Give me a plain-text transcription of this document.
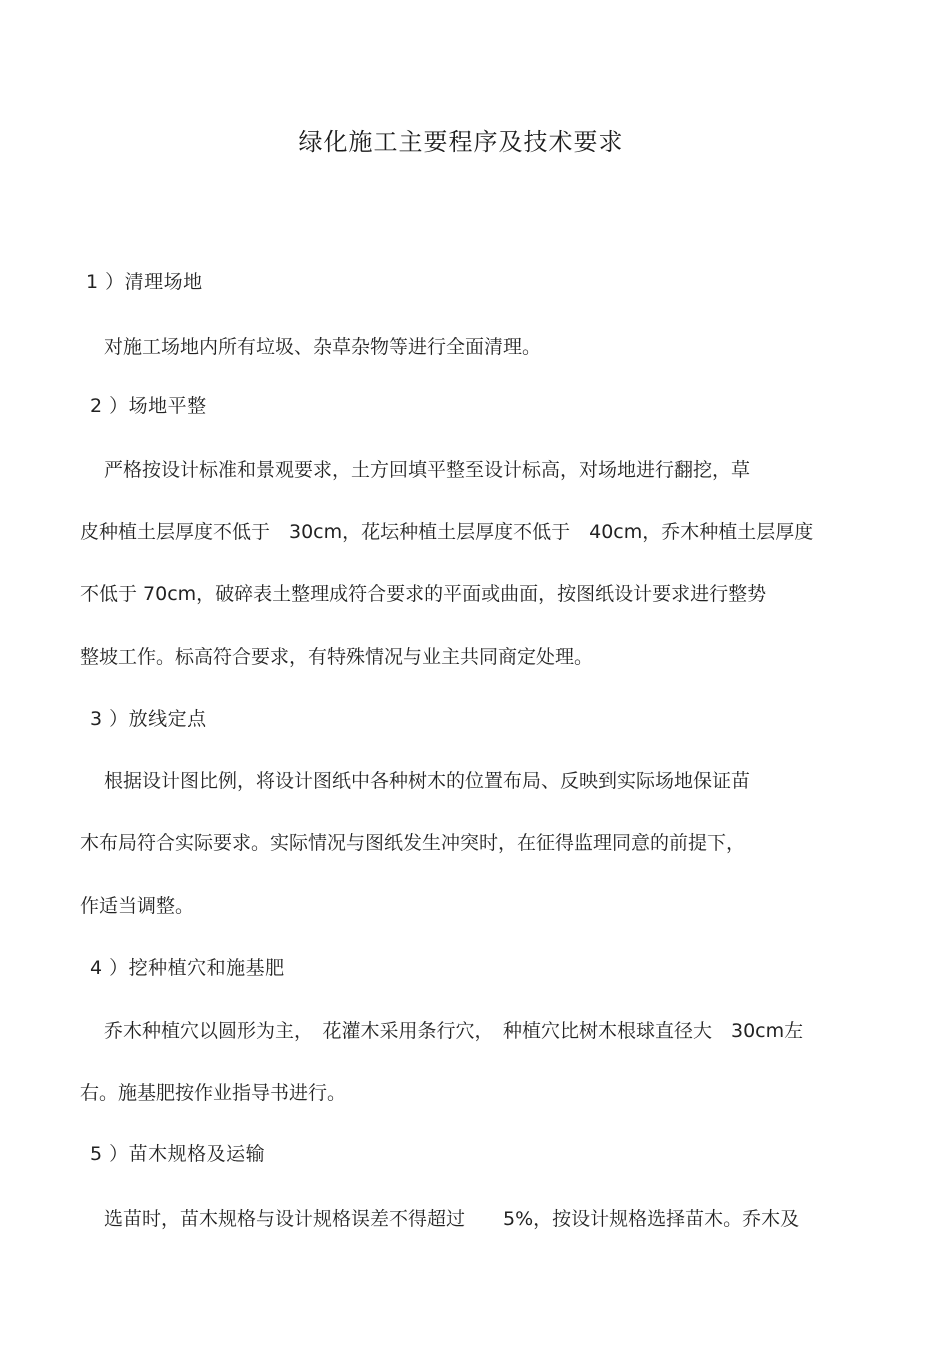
绿化施工主要程序及技术要求
1 ）清理场地
对施工场地内所有垃圾、杂草杂物等进行全面清理。
2 ）场地平整
严格按设计标准和景观要求，土方回填平整至设计标高，对场地进行翻挖，草
皮种植土层厚度不低于　30cm，花坛种植土层厚度不低于　40cm，乔木种植土层厚度
不低于 70cm，破碎表土整理成符合要求的平面或曲面，按图纸设计要求进行整势
整坡工作。标高符合要求，有特殊情况与业主共同商定处理。
3 ）放线定点
根据设计图比例，将设计图纸中各种树木的位置布局、反映到实际场地保证苗
木布局符合实际要求。实际情况与图纸发生冲突时，在征得监理同意的前提下，
作适当调整。
4 ）挖种植穴和施基肥
乔木种植穴以圆形为主，　花灌木采用条行穴，　种植穴比树木根球直径大　30cm左
右。施基肥按作业指导书进行。
5 ）苗木规格及运输
选苗时，苗木规格与设计规格误差不得超过　　5%，按设计规格选择苗木。乔木及
